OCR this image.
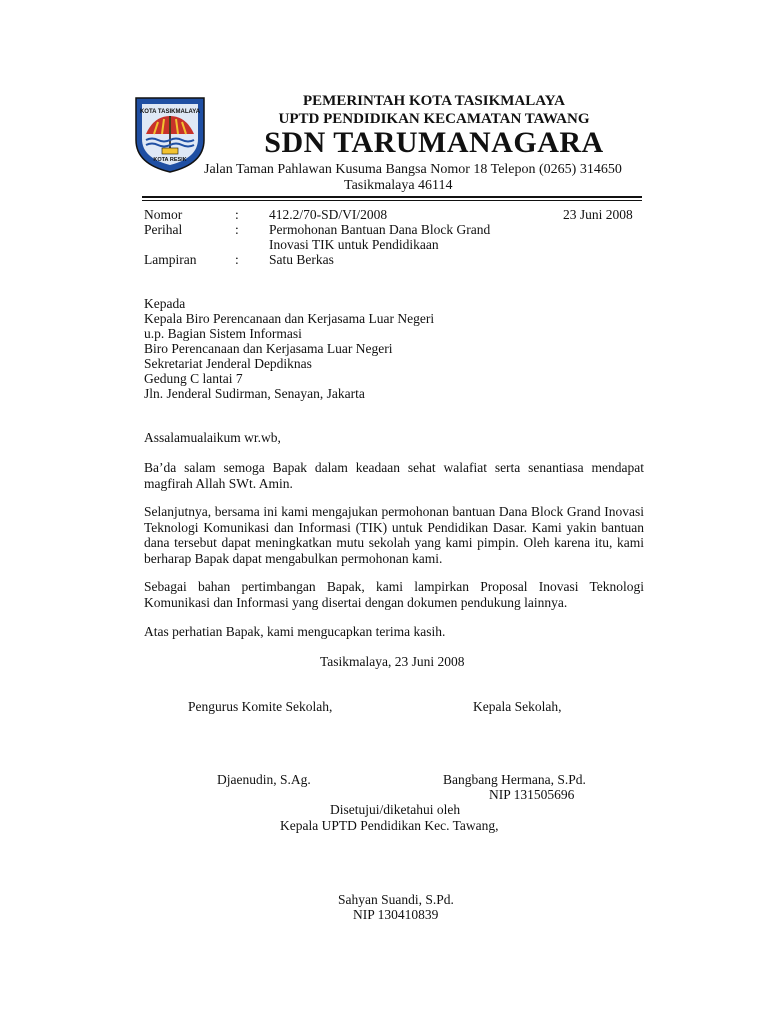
KOTA TASIKMALAYA
KOTA RESIK
PEMERINTAH KOTA TASIKMALAYA
UPTD PENDIDIKAN KECAMATAN TAWANG
SDN TARUMANAGARA
Jalan Taman Pahlawan Kusuma Bangsa Nomor 18 Telepon (0265) 314650
Tasikmalaya 46114
Nomor	: 412.2/70-SD/VI/2008	23 Juni 2008
Perihal	: Permohonan Bantuan Dana Block Grand
Inovasi TIK untuk Pendidikaan
Lampiran	: Satu Berkas
Kepada
Kepala Biro Perencanaan dan Kerjasama Luar Negeri
u.p. Bagian Sistem Informasi
Biro Perencanaan dan Kerjasama Luar Negeri
Sekretariat Jenderal Depdiknas
Gedung C lantai 7
Jln. Jenderal Sudirman, Senayan, Jakarta
Assalamualaikum wr.wb,
Ba’da salam semoga Bapak dalam keadaan sehat walafiat serta senantiasa mendapat magfirah Allah SWt. Amin.
Selanjutnya, bersama ini kami mengajukan permohonan bantuan Dana Block Grand Inovasi Teknologi Komunikasi dan Informasi (TIK) untuk Pendidikan Dasar. Kami yakin bantuan dana tersebut dapat meningkatkan mutu sekolah yang kami pimpin. Oleh karena itu, kami berharap Bapak dapat mengabulkan permohonan kami.
Sebagai bahan pertimbangan Bapak, kami lampirkan Proposal Inovasi Teknologi Komunikasi dan Informasi yang disertai dengan dokumen pendukung lainnya.
Atas perhatian Bapak, kami mengucapkan terima kasih.
Tasikmalaya, 23 Juni 2008
Pengurus Komite Sekolah,	Kepala Sekolah,
Djaenudin, S.Ag.	Bangbang Hermana, S.Pd.
NIP 131505696
Disetujui/diketahui oleh
Kepala UPTD Pendidikan Kec. Tawang,
Sahyan Suandi, S.Pd.
NIP 130410839
